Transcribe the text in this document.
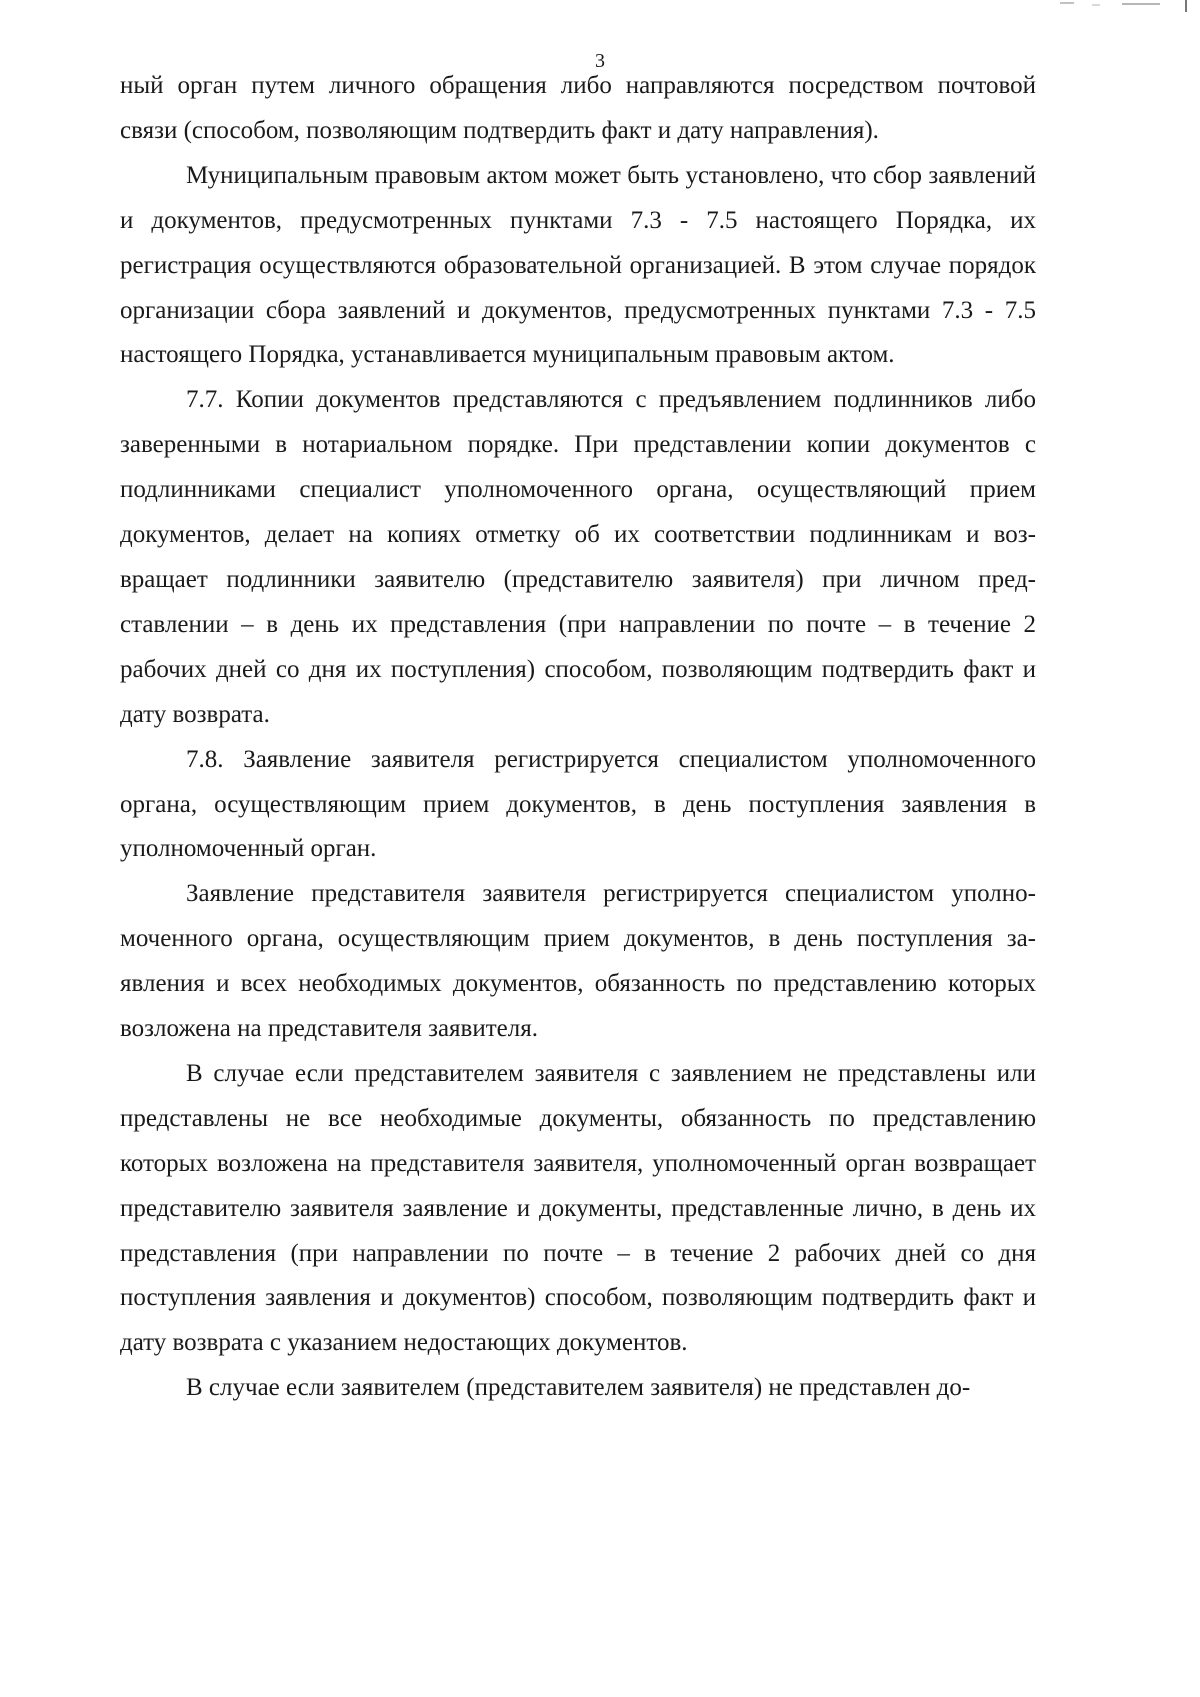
3

ный орган путем личного обращения либо направляются посредством почтовой связи (способом, позволяющим подтвердить факт и дату направления).

Муниципальным правовым актом может быть установлено, что сбор заявлений и документов, предусмотренных пунктами 7.3 - 7.5 настоящего Порядка, их регистрация осуществляются образовательной организацией. В этом случае порядок организации сбора заявлений и документов, предусмотренных пунктами 7.3 - 7.5 настоящего Порядка, устанавливается муниципальным правовым актом.

7.7. Копии документов представляются с предъявлением подлинников либо заверенными в нотариальном порядке. При представлении копии документов с подлинниками специалист уполномоченного органа, осуществляющий прием документов, делает на копиях отметку об их соответствии подлинникам и возвращает подлинники заявителю (представителю заявителя) при личном представлении – в день их представления (при направлении по почте – в течение 2 рабочих дней со дня их поступления) способом, позволяющим подтвердить факт и дату возврата.

7.8. Заявление заявителя регистрируется специалистом уполномоченного органа, осуществляющим прием документов, в день поступления заявления в уполномоченный орган.

Заявление представителя заявителя регистрируется специалистом уполномоченного органа, осуществляющим прием документов, в день поступления заявления и всех необходимых документов, обязанность по представлению которых возложена на представителя заявителя.

В случае если представителем заявителя с заявлением не представлены или представлены не все необходимые документы, обязанность по представлению которых возложена на представителя заявителя, уполномоченный орган возвращает представителю заявителя заявление и документы, представленные лично, в день их представления (при направлении по почте – в течение 2 рабочих дней со дня поступления заявления и документов) способом, позволяющим подтвердить факт и дату возврата с указанием недостающих документов.

В случае если заявителем (представителем заявителя) не представлен до-
